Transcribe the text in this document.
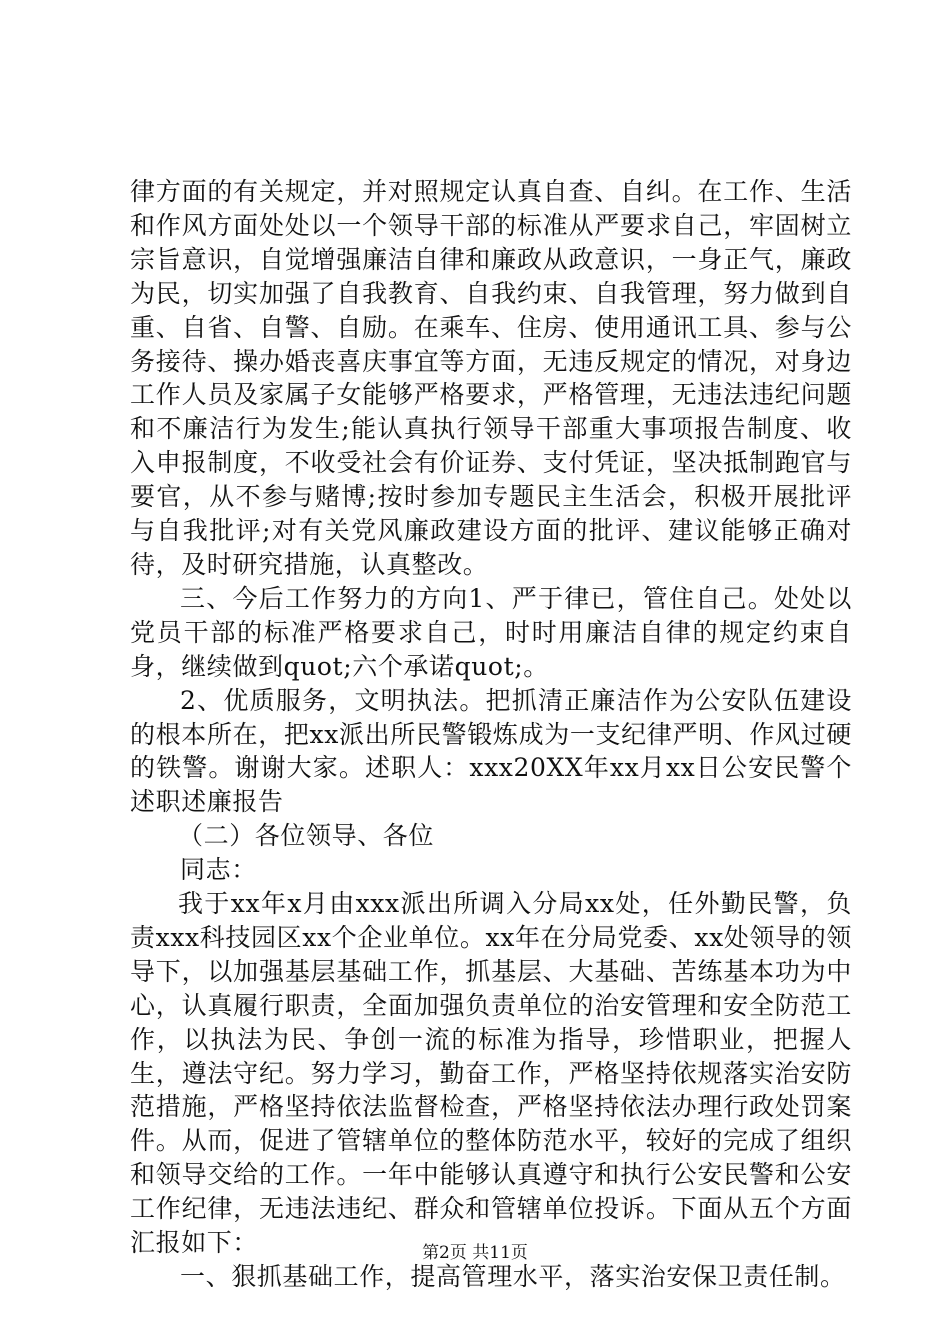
律方面的有关规定，并对照规定认真自查、自纠。在工作、生活和作风方面处处以一个领导干部的标准从严要求自己，牢固树立宗旨意识，自觉增强廉洁自律和廉政从政意识，一身正气，廉政为民，切实加强了自我教育、自我约束、自我管理，努力做到自重、自省、自警、自励。在乘车、住房、使用通讯工具、参与公务接待、操办婚丧喜庆事宜等方面，无违反规定的情况，对身边工作人员及家属子女能够严格要求，严格管理，无违法违纪问题和不廉洁行为发生;能认真执行领导干部重大事项报告制度、收入申报制度，不收受社会有价证券、支付凭证，坚决抵制跑官与要官，从不参与赌博;按时参加专题民主生活会，积极开展批评与自我批评;对有关党风廉政建设方面的批评、建议能够正确对待，及时研究措施，认真整改。

三、今后工作努力的方向1、严于律已，管住自己。处处以党员干部的标准严格要求自己，时时用廉洁自律的规定约束自身，继续做到quot;六个承诺quot;。

2、优质服务，文明执法。把抓清正廉洁作为公安队伍建设的根本所在，把xx派出所民警锻炼成为一支纪律严明、作风过硬的铁警。谢谢大家。述职人：xxx20XX年xx月xx日公安民警个述职述廉报告

（二）各位领导、各位

同志：

我于xx年x月由xxx派出所调入分局xx处，任外勤民警，负责xxx科技园区xx个企业单位。xx年在分局党委、xx处领导的领导下，以加强基层基础工作，抓基层、大基础、苦练基本功为中心，认真履行职责，全面加强负责单位的治安管理和安全防范工作，以执法为民、争创一流的标准为指导，珍惜职业，把握人生，遵法守纪。努力学习，勤奋工作，严格坚持依规落实治安防范措施，严格坚持依法监督检查，严格坚持依法办理行政处罚案件。从而，促进了管辖单位的整体防范水平，较好的完成了组织和领导交给的工作。一年中能够认真遵守和执行公安民警和公安工作纪律，无违法违纪、群众和管辖单位投诉。下面从五个方面汇报如下：

一、狠抓基础工作，提高管理水平，落实治安保卫责任制。

第2页 共11页
